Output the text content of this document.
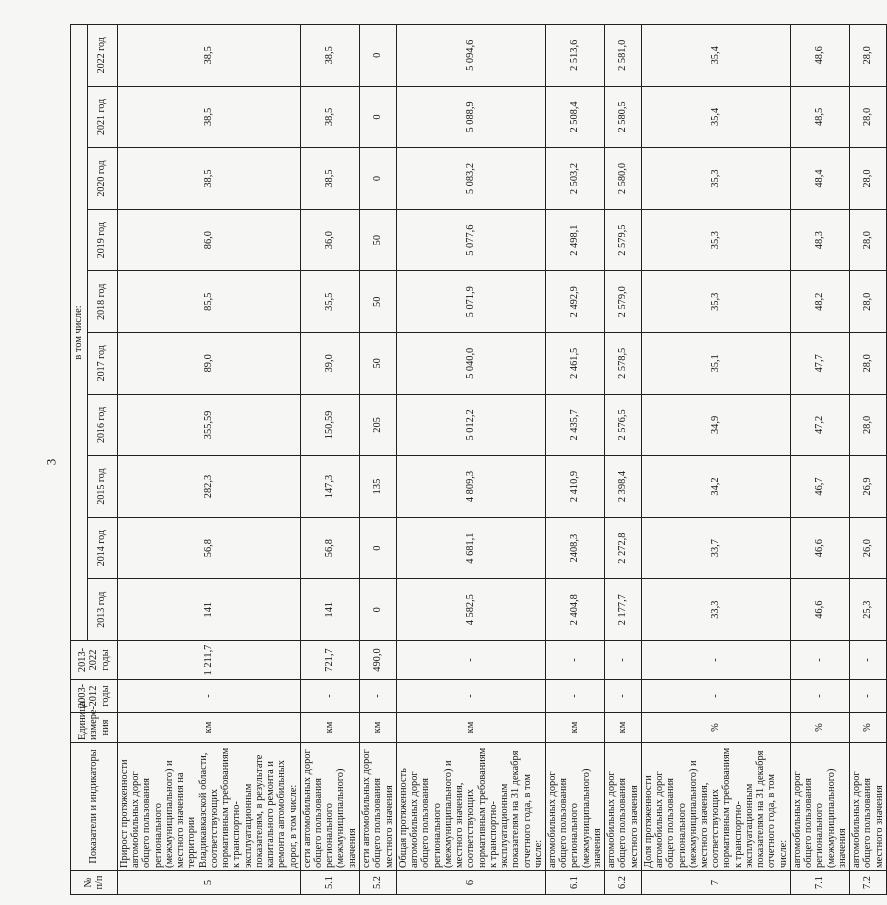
3
№ п/п	Показатели и индикаторы	Единица измере-ния	2003-2012 годы	2013-2022 годы	в том числе:									
					2013 год	2014 год	2015 год	2016 год	2017 год	2018 год	2019 год	2020 год	2021 год	2022 год
5	Прирост протяженности автомобильных дорог общего пользования регионального (межмуниципального) и местного значения на территории Владикавказской области, соответствующих нормативным требованиям к транспортно-эксплуатационным показателям, в результате капитального ремонта и ремонта автомобильных дорог, в том числе:	км	-	1 211,7	141	56,8	282,3	355,59	89,0	85,5	86,0	38,5	38,5	38,5
5.1	сети автомобильных дорог общего пользования регионального (межмуниципального) значения	км	-	721,7	141	56,8	147,3	150,59	39,0	35,5	36,0	38,5	38,5	38,5
5.2	сети автомобильных дорог общего пользования местного значения	км	-	490,0	0	0	135	205	50	50	50	0	0	0
6	Общая протяженность автомобильных дорог общего пользования регионального (межмуниципального) и местного значения, соответствующих нормативным требованиям к транспортно-эксплуатационным показателям на 31 декабря отчетного года, в том числе:	км	-	-	4 582,5	4 681,1	4 809,3	5 012,2	5 040,0	5 071,9	5 077,6	5 083,2	5 088,9	5 094,6
6.1	автомобильных дорог общего пользования регионального (межмуниципального) значения	км	-	-	2 404,8	2408,3	2 410,9	2 435,7	2 461,5	2 492,9	2 498,1	2 503,2	2 508,4	2 513,6
6.2	автомобильных дорог общего пользования местного значения	км	-	-	2 177,7	2 272,8	2 398,4	2 576,5	2 578,5	2 579,0	2 579,5	2 580,0	2 580,5	2 581,0
7	Доля протяженности автомобильных дорог общего пользования регионального (межмуниципального) и местного значения, соответствующих нормативным требованиям к транспортно-эксплуатационным показателям на 31 декабря отчетного года, в том числе:	%	-	-	33,3	33,7	34,2	34,9	35,1	35,3	35,3	35,3	35,4	35,4
7.1	автомобильных дорог общего пользования регионального (межмуниципального) значения	%	-	-	46,6	46,6	46,7	47,2	47,7	48,2	48,3	48,4	48,5	48,6
7.2	автомобильных дорог общего пользования местного значения	%	-	-	25,3	26,0	26,9	28,0	28,0	28,0	28,0	28,0	28,0	28,0
